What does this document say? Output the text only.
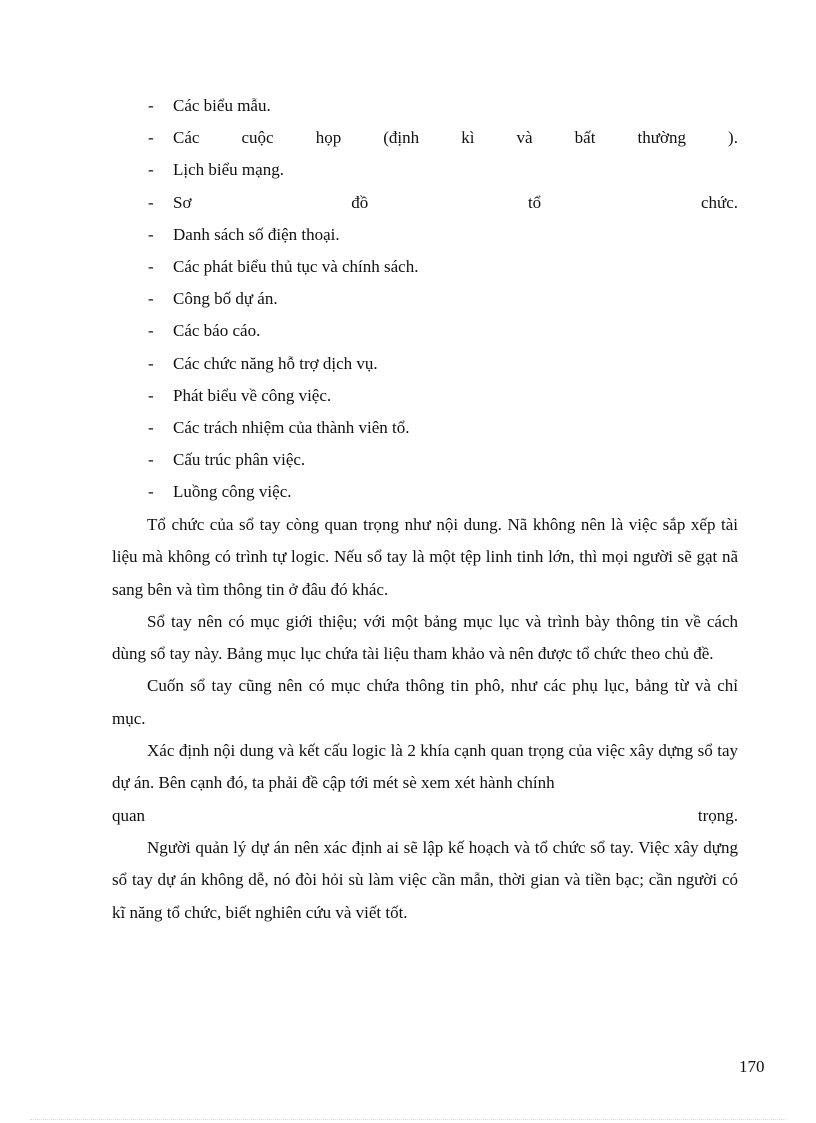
-	Các biểu mẫu.
-	Các cuộc họp (định kì và bất thường ).
-	Lịch biểu mạng.
-	Sơ	đồ	tổ	chức.
-	Danh sách số điện thoại.
-	Các phát biểu thủ tục và chính sách.
-	Công bố dự án.
-	Các báo cáo.
-	Các chức năng hỗ trợ dịch vụ.
-	Phát biểu về công việc.
-	Các trách nhiệm của thành viên tổ.
-	Cấu trúc phân việc.
-	Luồng công việc.

Tổ chức của sổ tay còng quan trọng như nội dung. Nã không nên là việc sắp xếp tài liệu mà không có trình tự logic. Nếu sổ tay là một tệp linh tinh lớn, thì mọi người sẽ gạt nã sang bên và tìm thông tin ở đâu đó khác.

Sổ tay nên có mục giới thiệu; với một bảng mục lục và trình bày thông tin về cách dùng sổ tay này. Bảng mục lục chứa tài liệu tham khảo và nên được tổ chức theo chủ đề.

Cuốn sổ tay cũng nên có mục chứa thông tin phô, như các phụ lục, bảng từ và chỉ mục.

Xác định nội dung và kết cấu logic là 2 khía cạnh quan trọng của việc xây dựng sổ tay dự án. Bên cạnh đó, ta phải đề cập tới mét sè xem xét hành chính
quan	trọng.

Người quản lý dự án nên xác định ai sẽ lập kế hoạch và tổ chức sổ tay. Việc xây dựng sổ tay dự án không dễ, nó đòi hỏi sù làm việc cần mẫn, thời gian và tiền bạc; cần người có kĩ năng tổ chức, biết nghiên cứu và viết tốt.

170
